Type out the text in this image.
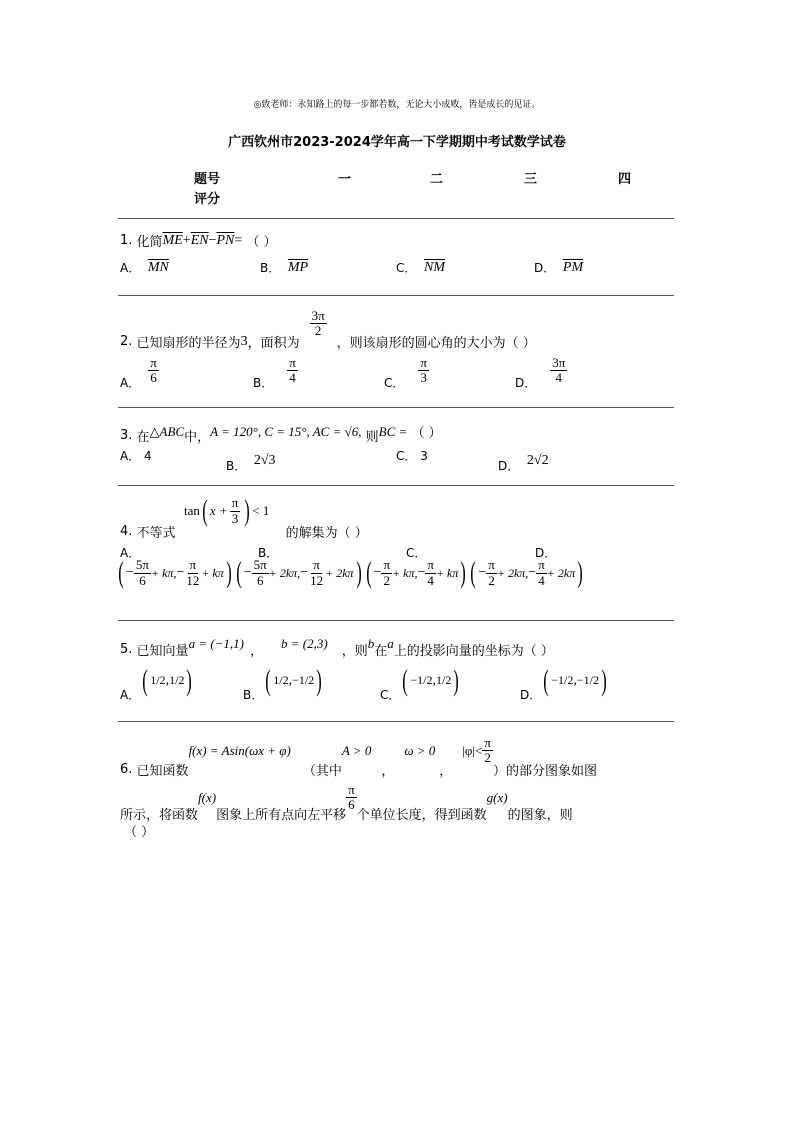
◎致老师：永知路上的每一步都若数，无论大小成败，皆是成长的见证。
广西钦州市2023-2024学年高一下学期期中考试数学试卷
题号
评分
一	二	三	四
1.
化简 $\overline{ME} + \overline{EN} - \overline{PN}$ =
（ ）
A．
$\overline{MN}$	B．
$\overline{MP}$	C．
$\overline{NM}$	D．
$\overline{PM}$
2.
已知扇形的半径为 3 ，面积为
$\frac{3\pi}{2}$
，则该扇形的圆心角的大小为（ ）
A． $\frac{\pi}{6}$	B． $\frac{\pi}{4}$	C． $\frac{\pi}{3}$	D． $\frac{3\pi}{4}$
3.
在 △ABC 中， A = 120°, C = 15°, AC = √6,
则 BC =
（ ）
A．
4
B．
2√3	C．
3
D．
2√2
tan ( $x + \frac{\pi}{3}$ ) < 1
4.
不等式	的解集为（ ）
A．	B．	C．	D．
( − $\frac{5\pi}{6} + k\pi$, − $\frac{\pi}{12} + k\pi$ ) ( − $\frac{5\pi}{6} + 2k\pi$, − $\frac{\pi}{12} + 2k\pi$ ) ( − $\frac{\pi}{2} + k\pi$, − $\frac{\pi}{4} + k\pi$ ) ( − $\frac{\pi}{2} + 2k\pi$, − $\frac{\pi}{4} + 2k\pi$ )
5.
已知向量
a = (−1,1)
，
b = (2,3)
，则
b
在
a
上的投影向量的坐标为（ ）
A． ( 1/2 , 1/2 )	B． ( 1/2 , −1/2 )	C． ( −1/2 , 1/2 )	D． ( −1/2 , −1/2 )
6.
已知函数
f(x) = Asin(ωx + φ)
（其中
A > 0
，
ω > 0
，
$|\varphi|< \frac{\pi}{2}$
）的部分图象如图
所示，将函数
f(x)
图象上所有点向左平移
$\frac{\pi}{6}$
个单位长度，得到函数
g(x)
的图象，则
（ ）
